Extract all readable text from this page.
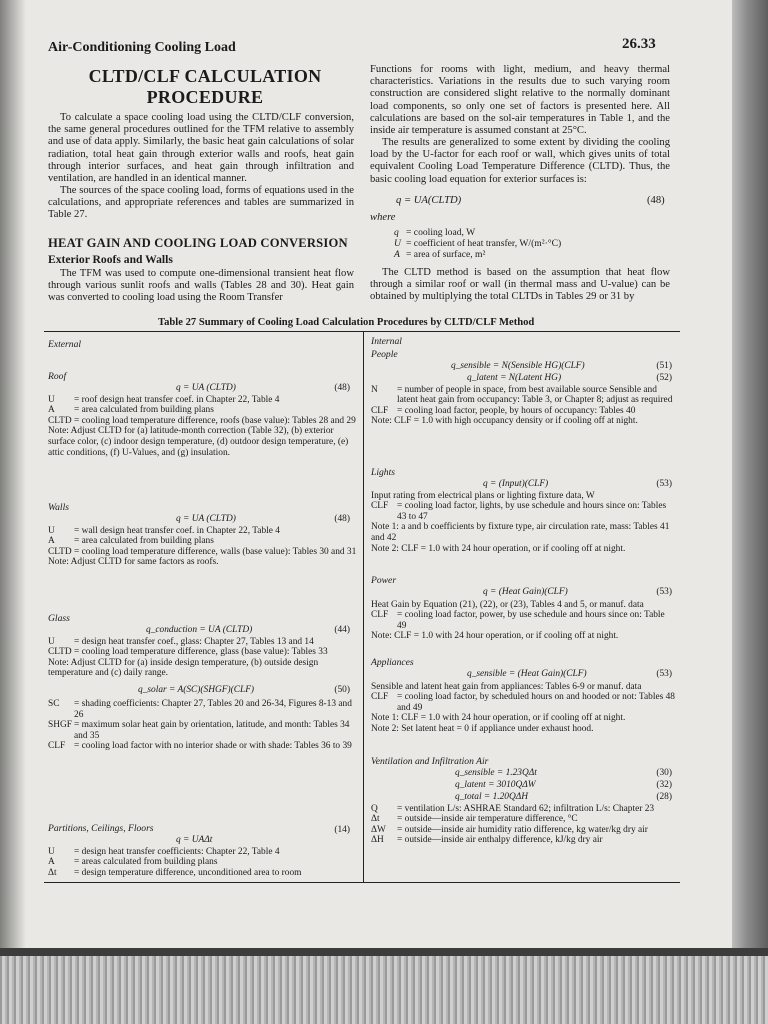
Air-Conditioning Cooling Load	26.33
CLTD/CLF CALCULATION
PROCEDURE
To calculate a space cooling load using the CLTD/CLF conversion, the same general procedures outlined for the TFM relative to assembly and use of data apply. Similarly, the basic heat gain calculations of solar radiation, total heat gain through exterior walls and roofs, heat gain through interior surfaces, and heat gain through infiltration and ventilation, are handled in an identical manner.
The sources of the space cooling load, forms of equations used in the calculations, and appropriate references and tables are summarized in Table 27.
HEAT GAIN AND COOLING LOAD CONVERSION
Exterior Roofs and Walls
The TFM was used to compute one-dimensional transient heat flow through various sunlit roofs and walls (Tables 28 and 30). Heat gain was converted to cooling load using the Room Transfer
Functions for rooms with light, medium, and heavy thermal characteristics. Variations in the results due to such varying room construction are considered slight relative to the normally dominant load components, so only one set of factors is presented here. All calculations are based on the sol-air temperatures in Table 1, and the inside air temperature is assumed constant at 25°C.
The results are generalized to some extent by dividing the cooling load by the U-factor for each roof or wall, which gives units of total equivalent Cooling Load Temperature Difference (CLTD). Thus, the basic cooling load equation for exterior surfaces is:
q = UA(CLTD)	(48)
where
q = cooling load, W
U = coefficient of heat transfer, W/(m²·°C)
A = area of surface, m²
The CLTD method is based on the assumption that heat flow through a similar roof or wall (in thermal mass and U-value) can be obtained by multiplying the total CLTDs in Tables 29 or 31 by
Table 27 Summary of Cooling Load Calculation Procedures by CLTD/CLF Method
External
Roof
q = UA (CLTD)	(48)
U	= roof design heat transfer coef. in Chapter 22, Table 4
A	= area calculated from building plans
CLTD = cooling load temperature difference, roofs (base value): Tables 28 and 29
Note: Adjust CLTD for (a) latitude-month correction (Table 32), (b) exterior surface color, (c) indoor design temperature, (d) outdoor design temperature, (e) attic conditions, (f) U-Values, and (g) insulation.
Walls
q = UA (CLTD)	(48)
U	= wall design heat transfer coef. in Chapter 22, Table 4
A	= area calculated from building plans
CLTD = cooling load temperature difference, walls (base value): Tables 30 and 31
Note: Adjust CLTD for same factors as roofs.
Glass
q_conduction = UA (CLTD)	(44)
U	= design heat transfer coef., glass: Chapter 27, Tables 13 and 14
CLTD = cooling load temperature difference, glass (base value): Tables 33
Note: Adjust CLTD for (a) inside design temperature, (b) outside design temperature and (c) daily range.
q_solar = A(SC)(SHGF)(CLF)	(50)
SC	= shading coefficients: Chapter 27, Tables 20 and 26-34, Figures 8-13 and 26
SHGF = maximum solar heat gain by orientation, latitude, and month: Tables 34 and 35
CLF = cooling load factor with no interior shade or with shade: Tables 36 to 39
Partitions, Ceilings, Floors
q = UAΔt
(14)
U	= design heat transfer coefficients: Chapter 22, Table 4
A	= areas calculated from building plans
Δt	= design temperature difference, unconditioned area to room
Internal
People
q_sensible = N(Sensible HG)(CLF)	(51)
q_latent = N(Latent HG)	(52)
N	= number of people in space, from best available source Sensible and latent heat gain from occupancy: Table 3, or Chapter 8; adjust as required
CLF = cooling load factor, people, by hours of occupancy: Tables 40
Note: CLF = 1.0 with high occupancy density or if cooling off at night.
Lights
q = (Input)(CLF)	(53)
Input rating from electrical plans or lighting fixture data, W
CLF = cooling load factor, lights, by use schedule and hours since on: Tables 43 to 47
Note 1: a and b coefficients by fixture type, air circulation rate, mass: Tables 41 and 42
Note 2: CLF = 1.0 with 24 hour operation, or if cooling off at night.
Power
q = (Heat Gain)(CLF)	(53)
Heat Gain by Equation (21), (22), or (23), Tables 4 and 5, or manuf. data
CLF = cooling load factor, power, by use schedule and hours since on: Table 49
Note: CLF = 1.0 with 24 hour operation, or if cooling off at night.
Appliances
q_sensible = (Heat Gain)(CLF)	(53)
Sensible and latent heat gain from appliances: Tables 6-9 or manuf. data
CLF = cooling load factor, by scheduled hours on and hooded or not: Tables 48 and 49
Note 1: CLF = 1.0 with 24 hour operation, or if cooling off at night.
Note 2: Set latent heat = 0 if appliance under exhaust hood.
Ventilation and Infiltration Air
q_sensible = 1.23QΔt	(30)
q_latent = 3010QΔW	(32)
q_total = 1.20QΔH	(28)
Q	= ventilation L/s: ASHRAE Standard 62; infiltration L/s: Chapter 23
Δt	= outside—inside air temperature difference, °C
ΔW	= outside—inside air humidity ratio difference, kg water/kg dry air
ΔH	= outside—inside air enthalpy difference, kJ/kg dry air
